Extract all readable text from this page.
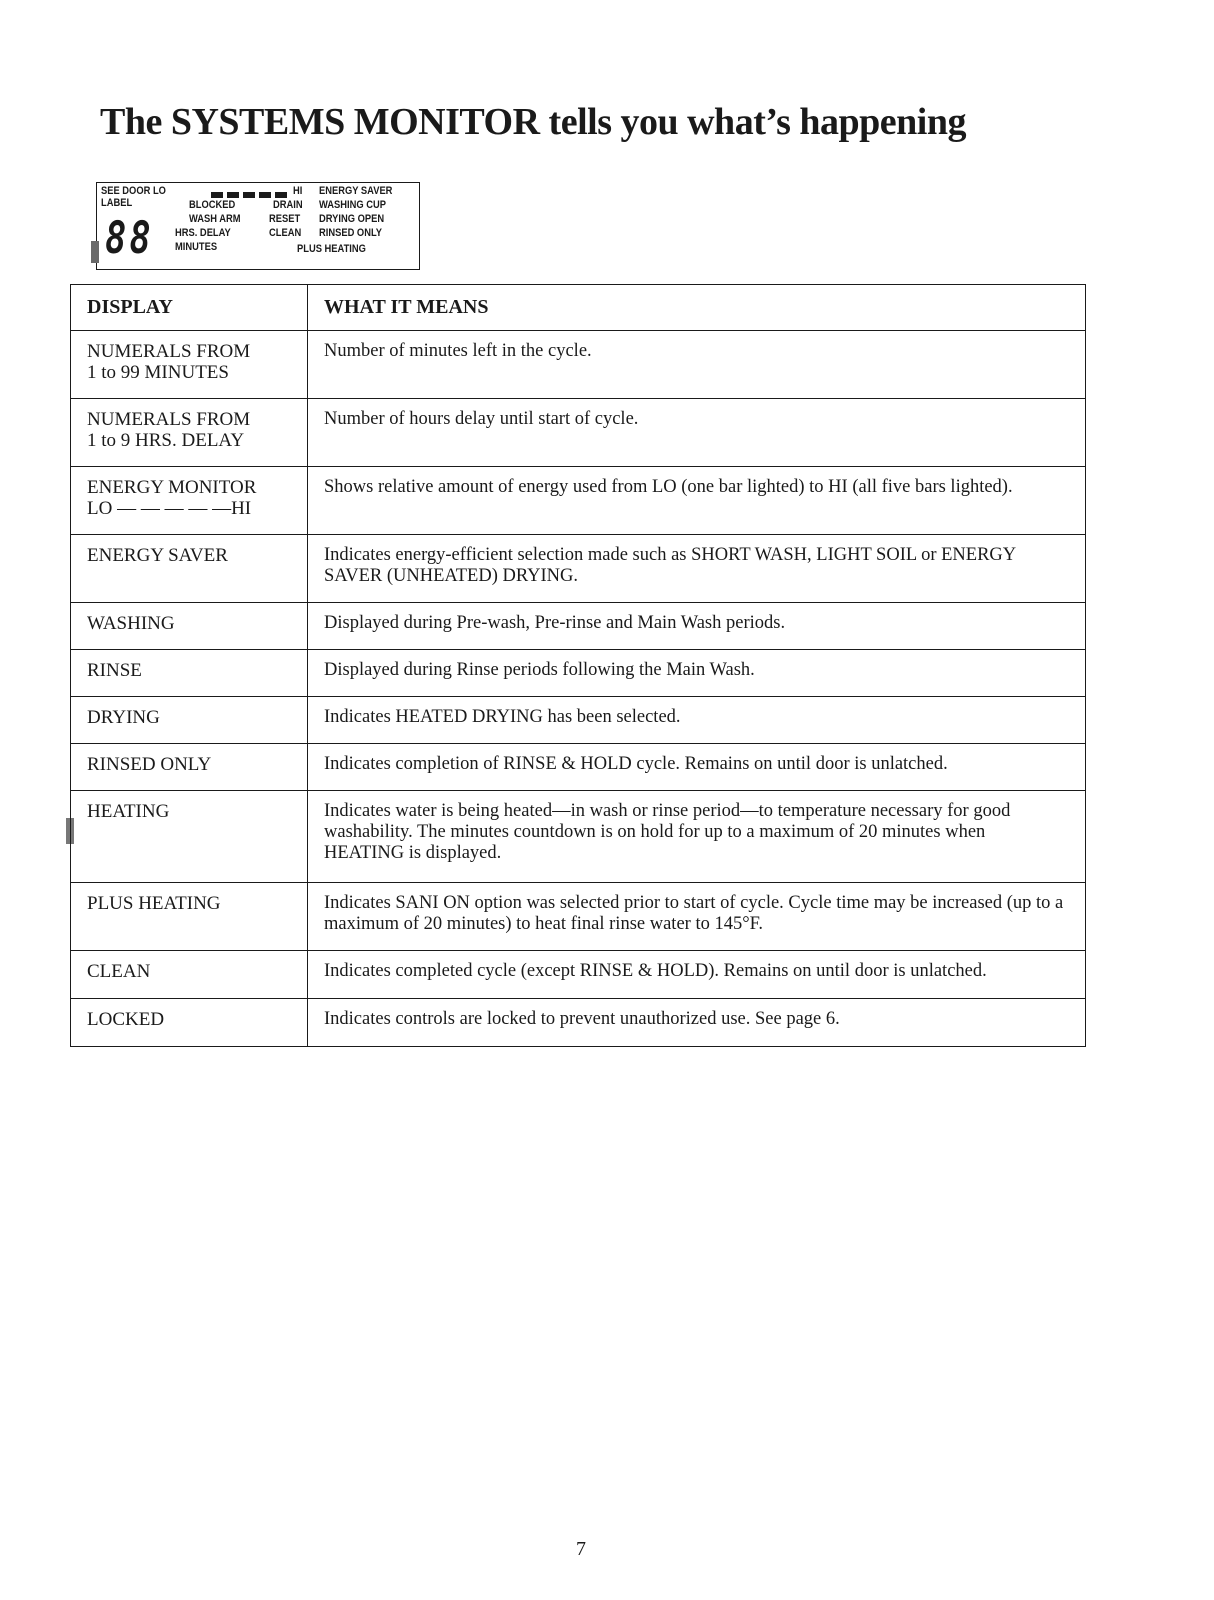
The SYSTEMS MONITOR tells you what’s happening
SEE DOOR LO	HI ENERGY SAVER
LABEL	BLOCKED	DRAIN WASHING CUP
88	WASH ARM	RESET DRYING OPEN
HRS. DELAY	CLEAN RINSED ONLY
MINUTES	PLUS HEATING
DISPLAY	WHAT IT MEANS
NUMERALS FROM
1 to 99 MINUTES	Number of minutes left in the cycle.
NUMERALS FROM
1 to 9 HRS. DELAY	Number of hours delay until start of cycle.
ENERGY MONITOR
LO — — — — —HI	Shows relative amount of energy used from LO (one bar lighted) to HI (all five bars lighted).
ENERGY SAVER	Indicates energy-efficient selection made such as SHORT WASH, LIGHT SOIL or ENERGY SAVER (UNHEATED) DRYING.
WASHING	Displayed during Pre-wash, Pre-rinse and Main Wash periods.
RINSE	Displayed during Rinse periods following the Main Wash.
DRYING	Indicates HEATED DRYING has been selected.
RINSED ONLY	Indicates completion of RINSE & HOLD cycle. Remains on until door is unlatched.
HEATING	Indicates water is being heated—in wash or rinse period—to temperature necessary for good washability. The minutes countdown is on hold for up to a maximum of 20 minutes when HEATING is displayed.
PLUS HEATING	Indicates SANI ON option was selected prior to start of cycle. Cycle time may be increased (up to a maximum of 20 minutes) to heat final rinse water to 145°F.
CLEAN	Indicates completed cycle (except RINSE & HOLD). Remains on until door is unlatched.
LOCKED	Indicates controls are locked to prevent unauthorized use. See page 6.
7
